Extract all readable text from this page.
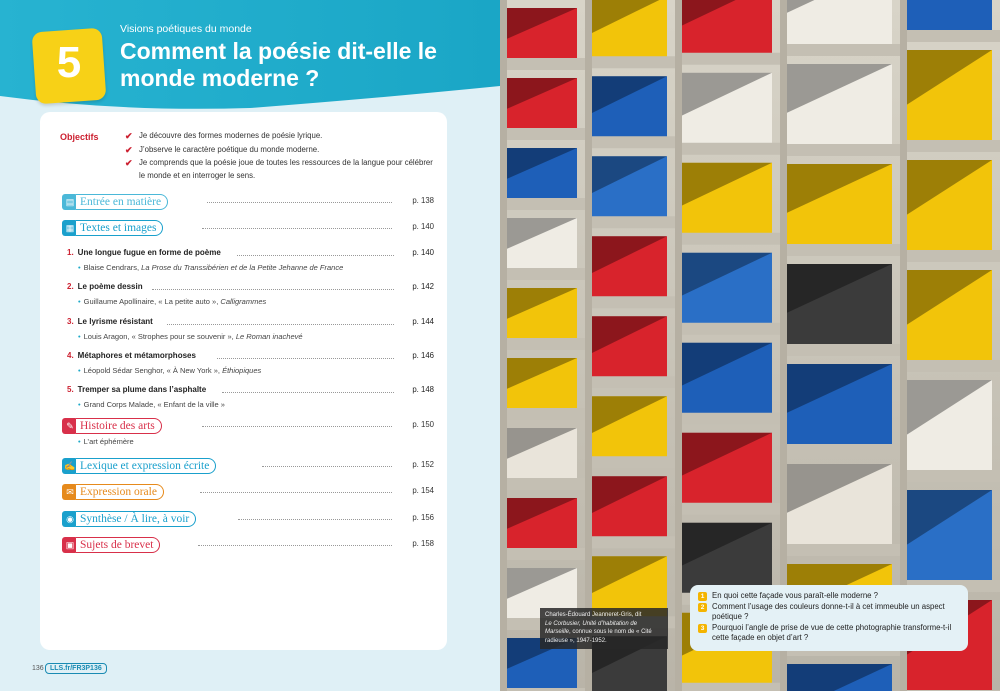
5
Visions poétiques du monde
Comment la poésie dit-elle le monde moderne ?
Objectifs	✔ Je découvre des formes modernes de poésie lyrique.
✔ J’observe le caractère poétique du monde moderne.
✔ Je comprends que la poésie joue de toutes les ressources de la langue pour célébrer le monde et en interroger le sens.
▤ Entrée en matière	p. 138
▦ Textes et images	p. 140
1. Une longue fugue en forme de poème	p. 140
• Blaise Cendrars, La Prose du Transsibérien et de la Petite Jehanne de France
2. Le poème dessin	p. 142
• Guillaume Apollinaire, « La petite auto », Calligrammes
3. Le lyrisme résistant	p. 144
• Louis Aragon, « Strophes pour se souvenir », Le Roman inachevé
4. Métaphores et métamorphoses	p. 146
• Léopold Sédar Senghor, « À New York », Éthiopiques
5. Tremper sa plume dans l’asphalte	p. 148
• Grand Corps Malade, « Enfant de la ville »
✎ Histoire des arts	p. 150
• L’art éphémère
✍ Lexique et expression écrite	p. 152
✉ Expression orale	p. 154
◉ Synthèse / À lire, à voir	p. 156
▣ Sujets de brevet	p. 158
136 LLS.fr/FR3P136
Charles-Édouard Jeanneret-Gris, dit
Le Corbusier, Unité d’habitation de Marseille, connue sous le nom de « Cité radieuse », 1947-1952.
1 En quoi cette façade vous paraît-elle moderne ?
2 Comment l’usage des couleurs donne-t-il à cet immeuble un aspect poétique ?
3 Pourquoi l’angle de prise de vue de cette photographie transforme-t-il cette façade en objet d’art ?
